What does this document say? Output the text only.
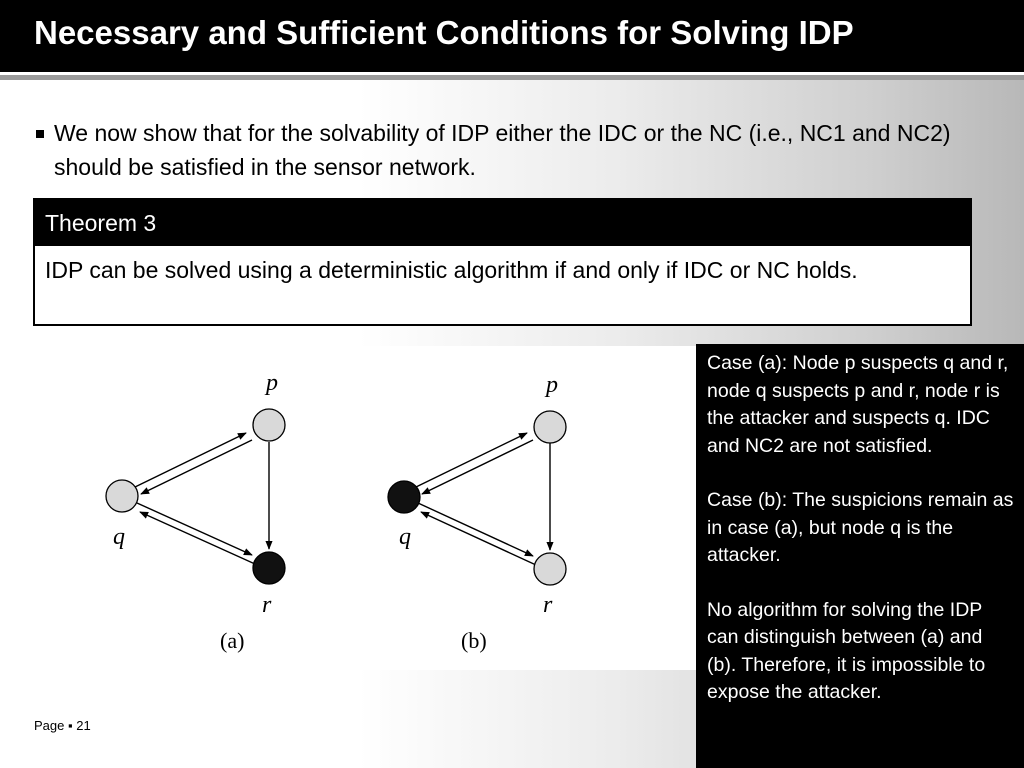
Necessary and Sufficient Conditions for Solving IDP
We now show that for the solvability of IDP either the IDC or the NC (i.e., NC1 and NC2) should be satisfied in the sensor network.
Theorem 3
IDP can be solved using a deterministic algorithm if and only if IDC or NC holds.
p
q
r
(a)
p
q
r
(b)

Case (a): Node p suspects q and r, node q suspects p and r, node r is the attacker and suspects q. IDC and NC2 are not satisfied.

Case (b): The suspicions remain as in case (a), but node q is the attacker.

No algorithm for solving the IDP can distinguish between (a) and (b). Therefore, it is impossible to expose the attacker.

Page ▪ 21
